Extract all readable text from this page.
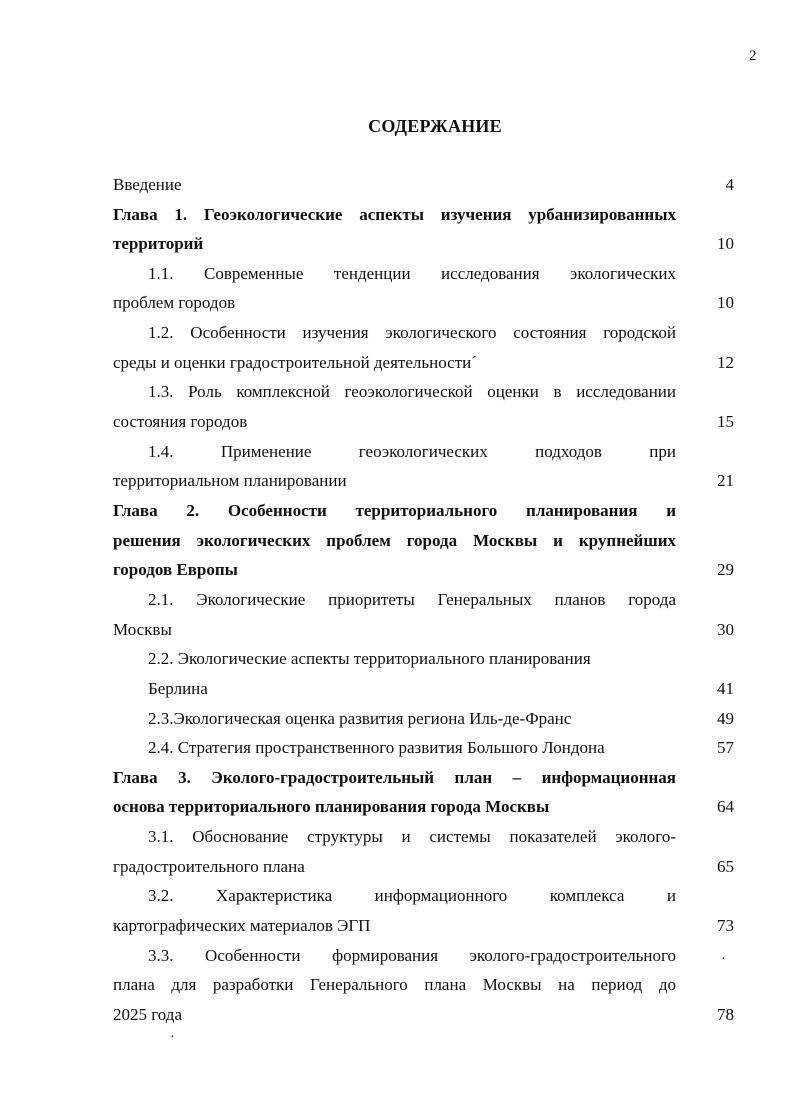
2
СОДЕРЖАНИЕ
Введение	4
Глава 1. Геоэкологические аспекты изучения урбанизированных
территорий	10
1.1. Современные тенденции исследования экологических
проблем городов	10
1.2. Особенности изучения экологического состояния городской
среды и оценки градостроительной деятельности´	12
1.3. Роль комплексной геоэкологической оценки в исследовании
состояния городов	15
1.4. Применение геоэкологических подходов при
территориальном планировании	21
Глава 2. Особенности территориального планирования и
решения экологических проблем города Москвы и крупнейших
городов Европы	29
2.1. Экологические приоритеты Генеральных планов города
Москвы	30
2.2. Экологические аспекты территориального планирования
Берлина	41
2.3.Экологическая оценка развития региона Иль-де-Франс	49
2.4. Стратегия пространственного развития Большого Лондона	57
Глава 3. Эколого-градостроительный план – информационная
основа территориального планирования города Москвы	64
3.1. Обоснование структуры и системы показателей эколого-
градостроительного плана	65
3.2. Характеристика информационного комплекса и
картографических материалов ЭГП	73
3.3. Особенности формирования эколого-градостроительного	·
плана для разработки Генерального плана Москвы на период до
2025 года	78
·
